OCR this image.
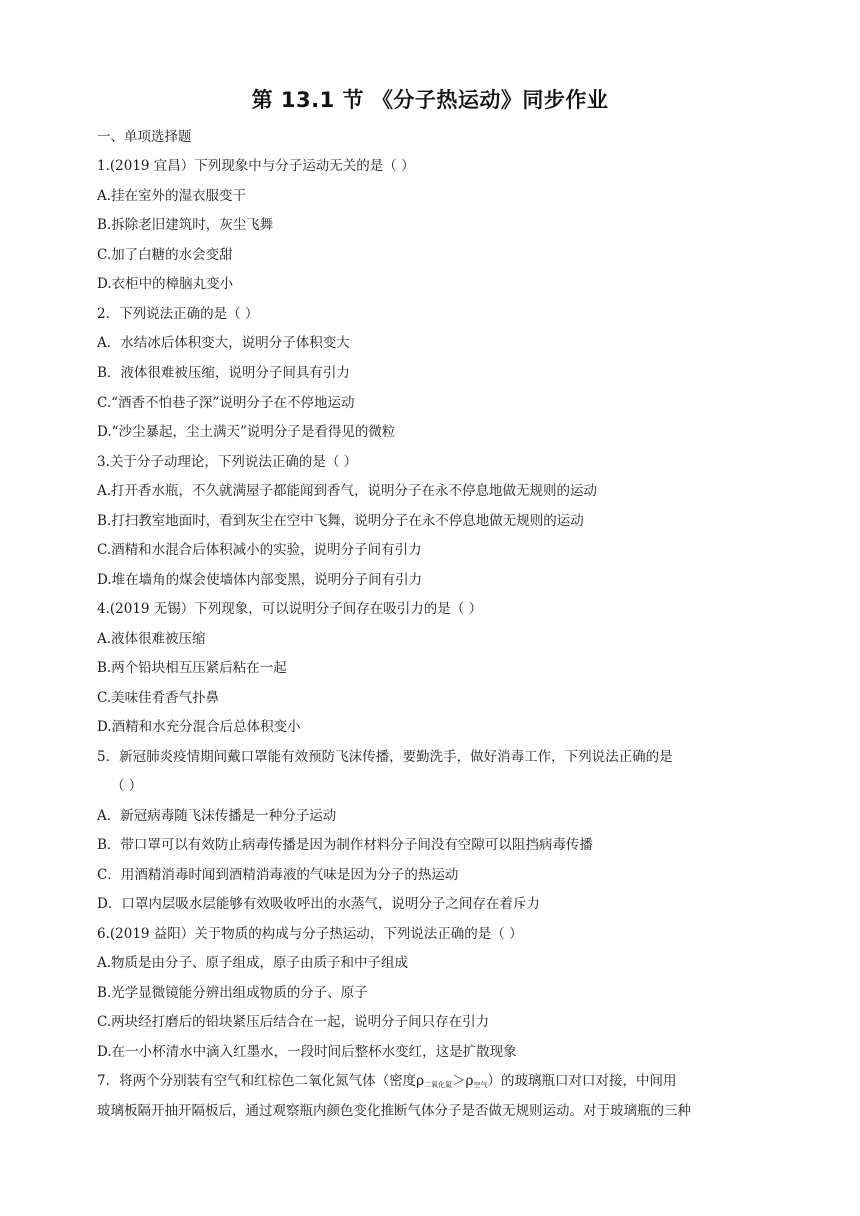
第 13.1 节 《分子热运动》同步作业
一、单项选择题
1.(2019 宜昌）下列现象中与分子运动无关的是（ ）
A.挂在室外的湿衣服变干
B.拆除老旧建筑时，灰尘飞舞
C.加了白糖的水会变甜
D.衣柜中的樟脑丸变小
2．下列说法正确的是（ ）
A．水结冰后体积变大，说明分子体积变大
B．液体很难被压缩，说明分子间具有引力
C.“酒香不怕巷子深”说明分子在不停地运动
D.“沙尘暴起，尘土满天”说明分子是看得见的微粒
3.关于分子动理论，下列说法正确的是（ ）
A.打开香水瓶，不久就满屋子都能闻到香气，说明分子在永不停息地做无规则的运动
B.打扫教室地面时，看到灰尘在空中飞舞，说明分子在永不停息地做无规则的运动
C.酒精和水混合后体积减小的实验，说明分子间有引力
D.堆在墙角的煤会使墙体内部变黑，说明分子间有引力
4.(2019 无锡）下列现象，可以说明分子间存在吸引力的是（ ）
A.液体很难被压缩
B.两个铅块相互压紧后粘在一起
C.美味佳肴香气扑鼻
D.酒精和水充分混合后总体积变小
5．新冠肺炎疫情期间戴口罩能有效预防飞沫传播，要勤洗手，做好消毒工作，下列说法正确的是
（ ）
A．新冠病毒随飞沫传播是一种分子运动
B．带口罩可以有效防止病毒传播是因为制作材料分子间没有空隙可以阻挡病毒传播
C．用酒精消毒时闻到酒精消毒液的气味是因为分子的热运动
D．口罩内层吸水层能够有效吸收呼出的水蒸气，说明分子之间存在着斥力
6.(2019 益阳）关于物质的构成与分子热运动，下列说法正确的是（ ）
A.物质是由分子、原子组成，原子由质子和中子组成
B.光学显微镜能分辨出组成物质的分子、原子
C.两块经打磨后的铅块紧压后结合在一起，说明分子间只存在引力
D.在一小杯清水中滴入红墨水，一段时间后整杯水变红，这是扩散现象
7．将两个分别装有空气和红棕色二氧化氮气体（密度$\rho_{二氧化氮}>\rho_{空气}$）的玻璃瓶口对口对接，中间用
玻璃板隔开抽开隔板后，通过观察瓶内颜色变化推断气体分子是否做无规则运动。对于玻璃瓶的三种
